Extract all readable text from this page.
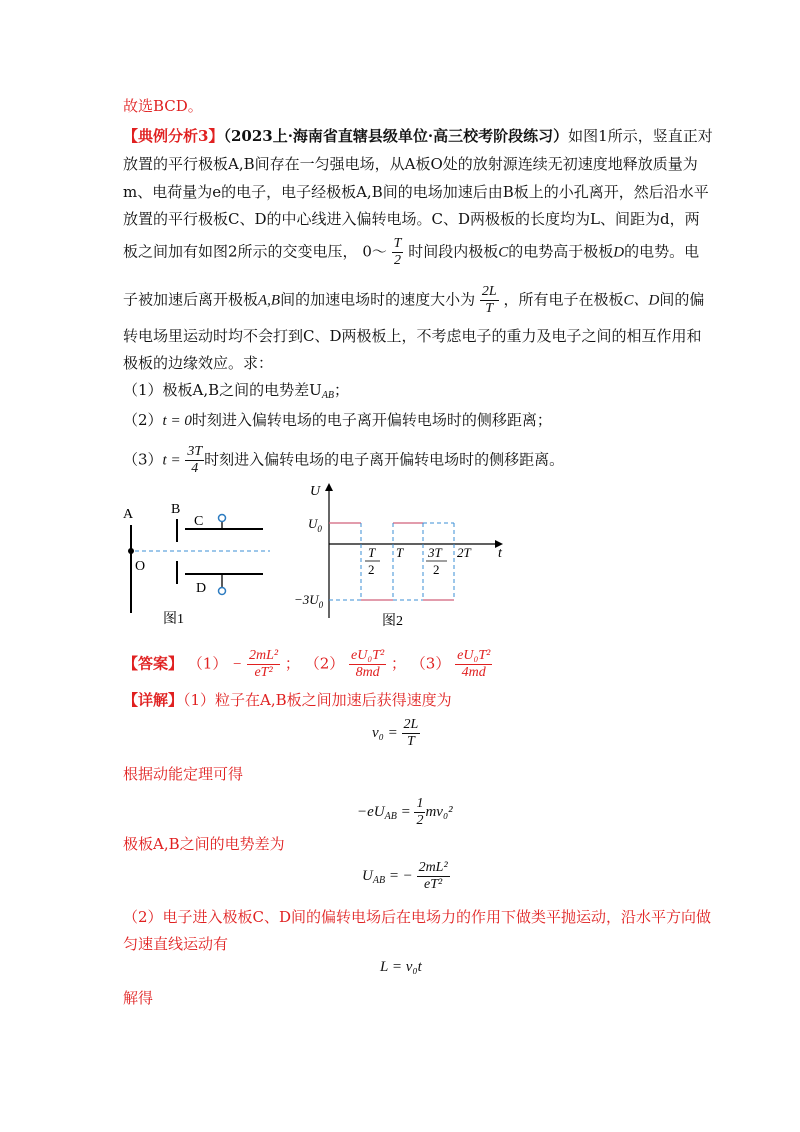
故选BCD。
【典例分析3】（2023上·海南省直辖县级单位·高三校考阶段练习）如图1所示，竖直正对
放置的平行极板A,B间存在一匀强电场，从A板O处的放射源连续无初速度地释放质量为
m、电荷量为e的电子，电子经极板A,B间的电场加速后由B板上的小孔离开，然后沿水平
放置的平行极板C、D的中心线进入偏转电场。C、D两极板的长度均为L、间距为d，两
板之间加有如图2所示的交变电压， 0～ $\frac{T}{2}$ 时间段内极板C的电势高于极板D的电势。电
子被加速后离开极板A,B间的加速电场时的速度大小为 $\frac{2L}{T}$ ，所有电子在极板C、D间的偏
转电场里运动时均不会打到C、D两极板上，不考虑电子的重力及电子之间的相互作用和
极板的边缘效应。求：
（1）极板A,B之间的电势差$U_{AB}$；
（2）t = 0时刻进入偏转电场的电子离开偏转电场时的侧移距离；
$(3)t = \frac{3T}{4}$ 时刻进入偏转电场的电子离开偏转电场时的侧移距离。
A	B
O
C
D
图1
U
t
$U_0$
$-3U_0$
T
2
T 3T
2
2T
图2
【答案】 $(1) - \frac{\text{2mL²}}{\text{eT²}}$ ； $(2) \frac{\text{eU₀T²}}{8md}$ ； $(3) \frac{\text{eU₀T²}}{4md}$
【详解】（1）粒子在A,B板之间加速后获得速度为
$v_0 = \frac{2L}{T}$
根据动能定理可得
$-eU_{AB} = \frac{1}{2} mv_0^2$
极板A,B之间的电势差为
$U_{AB}$ = − $\frac{\text{2mL²}}{\text{eT²}}$
（2）电子进入极板C、D间的偏转电场后在电场力的作用下做类平抛运动，沿水平方向做
匀速直线运动有
L = v₀t
解得
